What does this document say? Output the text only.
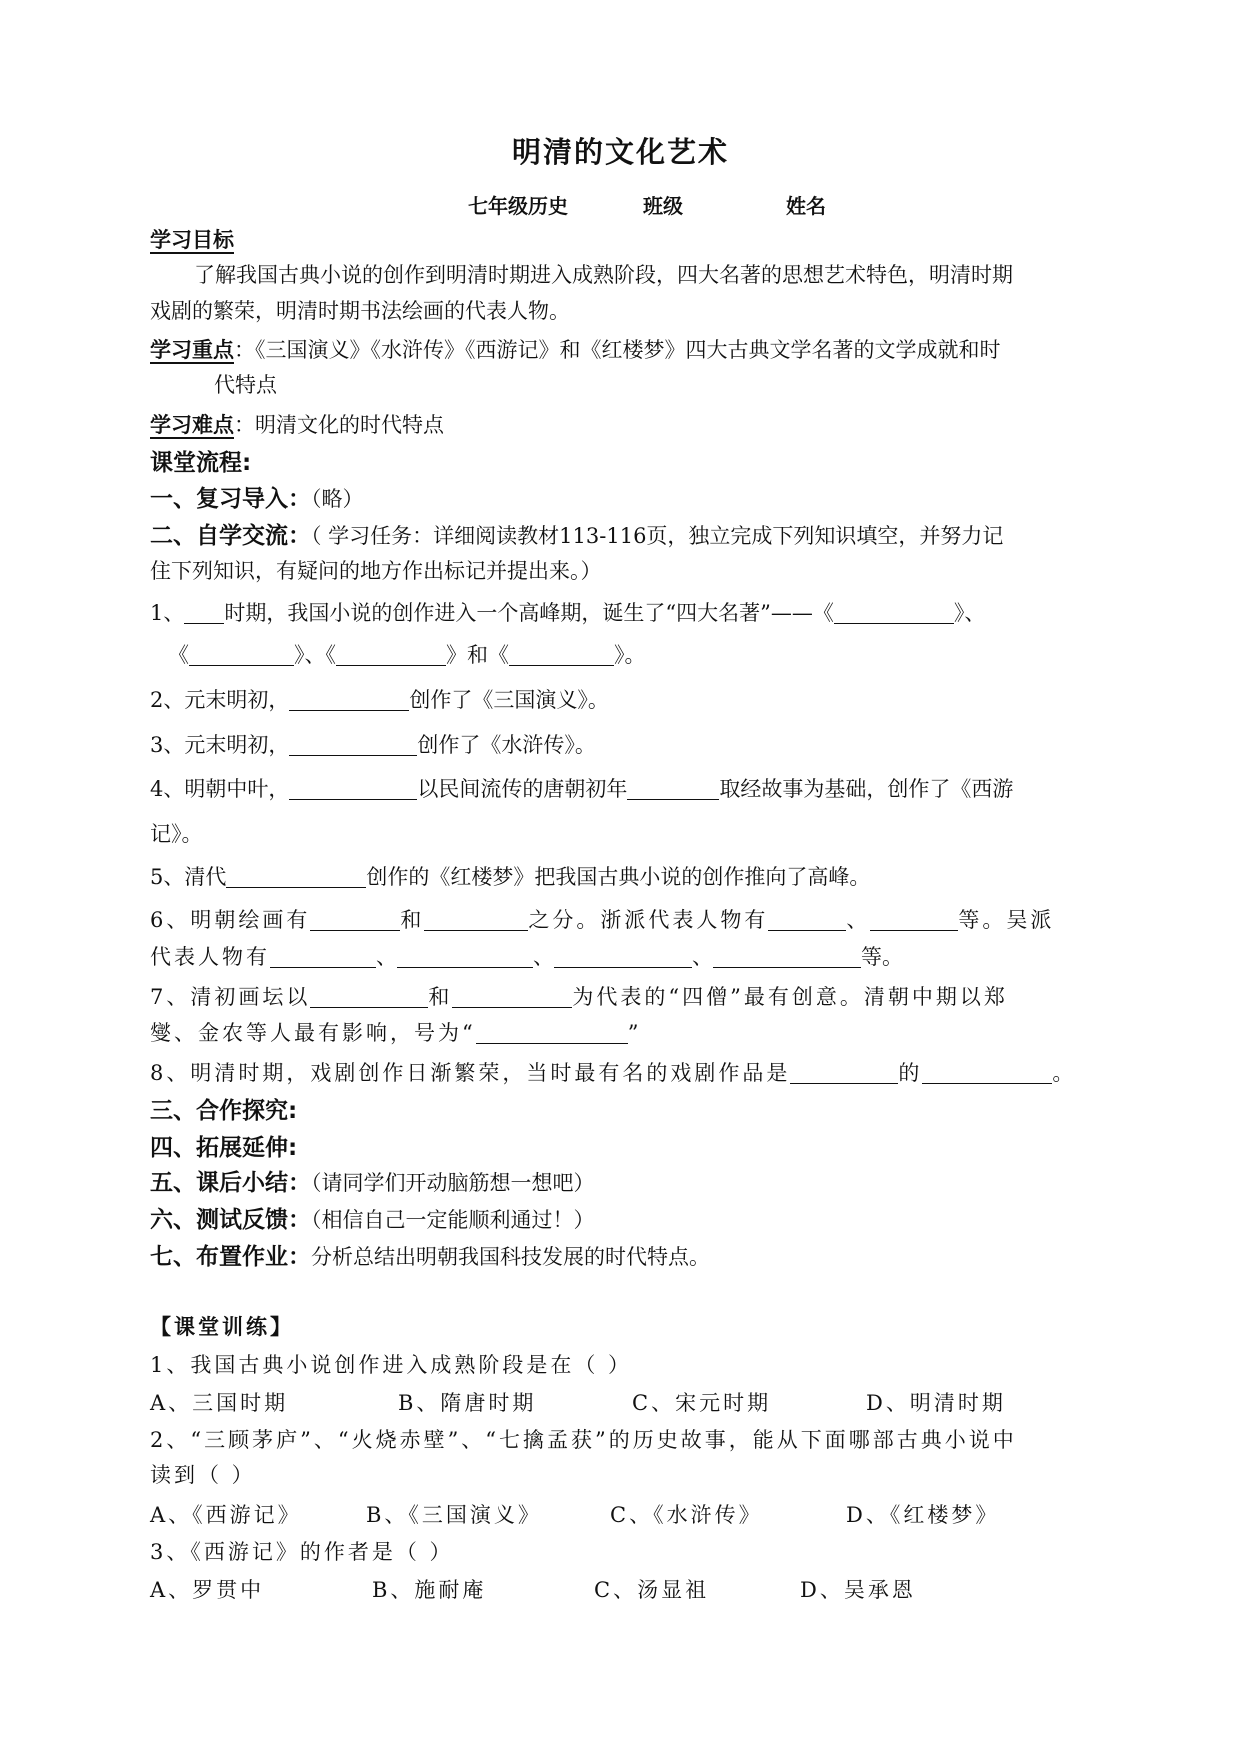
明清的文化艺术
七年级历史	班级	姓名
学习目标
了解我国古典小说的创作到明清时期进入成熟阶段，四大名著的思想艺术特色，明清时期
戏剧的繁荣，明清时期书法绘画的代表人物。
学习重点：《三国演义》《水浒传》《西游记》和《红楼梦》四大古典文学名著的文学成就和时
代特点
学习难点：明清文化的时代特点
课堂流程:
一、复习导入：（略）
二、自学交流：（ 学习任务：详细阅读教材113-116页，独立完成下列知识填空，并努力记
住下列知识，有疑问的地方作出标记并提出来。）
1、 时期，我国小说的创作进入一个高峰期，诞生了“四大名著”——《	》、
《	》、《	》和《	》。
2、元末明初，	创作了《三国演义》。
3、元末明初，	创作了《水浒传》。
4、明朝中叶，	以民间流传的唐朝初年	取经故事为基础，创作了《西游
记》。
5、清代	创作的《红楼梦》把我国古典小说的创作推向了高峰。
6、明朝绘画有	和	之分。浙派代表人物有	、	等。吴派
代表人物有	、	、	、	等。
7、清初画坛以	和	为代表的“四僧”最有创意。清朝中期以郑
燮、金农等人最有影响，号为“	”
8、明清时期，戏剧创作日渐繁荣，当时最有名的戏剧作品是	的	。
三、合作探究:
四、拓展延伸:
五、课后小结：（请同学们开动脑筋想一想吧）
六、测试反馈：（相信自己一定能顺利通过！）
七、布置作业：分析总结出明朝我国科技发展的时代特点。
【课堂训练】
1、我国古典小说创作进入成熟阶段是在（ ）
A、三国时期	B、隋唐时期	C、宋元时期	D、明清时期
2、“三顾茅庐”、“火烧赤壁”、“七擒孟获”的历史故事，能从下面哪部古典小说中
读到（ ）
A、《西游记》	B、《三国演义》	C、《水浒传》	D、《红楼梦》
3、《西游记》的作者是（ ）
A、罗贯中	B、施耐庵	C、汤显祖	D、吴承恩
